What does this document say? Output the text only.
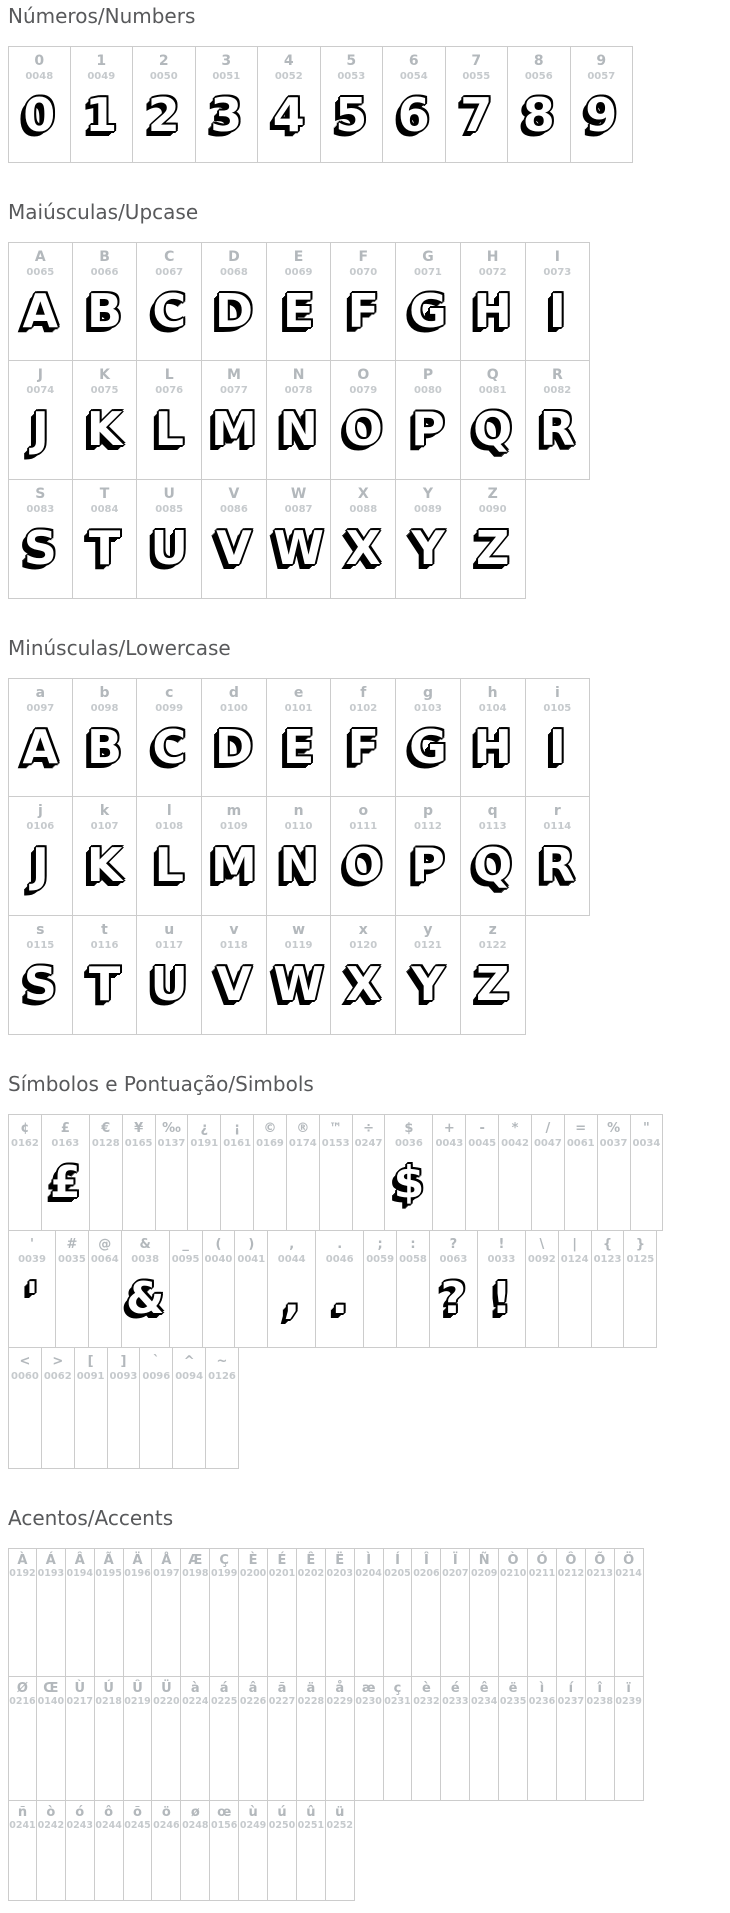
Números/Numbers
0
0048
0
1
0049
1
2
0050
2
3
0051
3
4
0052
4
5
0053
5
6
0054
6
7
0055
7
8
0056
8
9
0057
9
Maiúsculas/Upcase
A
0065
A
B
0066
B
C
0067
C
D
0068
D
E
0069
E
F
0070
F
G
0071
G
H
0072
H
I
0073
I
J
0074
J
K
0075
K
L
0076
L
M
0077
M
N
0078
N
O
0079
O
P
0080
P
Q
0081
Q
R
0082
R
S
0083
S
T
0084
T
U
0085
U
V
0086
V
W
0087
W
X
0088
X
Y
0089
Y
Z
0090
Z
Minúsculas/Lowercase
a
0097
A
b
0098
B
c
0099
C
d
0100
D
e
0101
E
f
0102
F
g
0103
G
h
0104
H
i
0105
I
j
0106
J
k
0107
K
l
0108
L
m
0109
M
n
0110
N
o
0111
O
p
0112
P
q
0113
Q
r
0114
R
s
0115
S
t
0116
T
u
0117
U
v
0118
V
w
0119
W
x
0120
X
y
0121
Y
z
0122
Z
Símbolos e Pontuação/Simbols
¢
0162
£
0163
£
€
0128
¥
0165
‰
0137
¿
0191
¡
0161
©
0169
®
0174
™
0153
÷
0247
$
0036
$
+
0043
-
0045
*
0042
/
0047
=
0061
%
0037
"
0034
'
0039
'
#
0035
@
0064
&
0038
&
_
0095
(
0040
)
0041
,
0044
,
.
0046
.
;
0059
:
0058
?
0063
?
!
0033
!
\
0092
|
0124
{
0123
}
0125
<
0060
>
0062
[
0091
]
0093
`
0096
^
0094
~
0126
Acentos/Accents
À
0192
Á
0193
Â
0194
Ã
0195
Ä
0196
Å
0197
Æ
0198
Ç
0199
È
0200
É
0201
Ê
0202
Ë
0203
Ì
0204
Í
0205
Î
0206
Ï
0207
Ñ
0209
Ò
0210
Ó
0211
Ô
0212
Õ
0213
Ö
0214
Ø
0216
Œ
0140
Ù
0217
Ú
0218
Û
0219
Ü
0220
à
0224
á
0225
â
0226
ã
0227
ä
0228
å
0229
æ
0230
ç
0231
è
0232
é
0233
ê
0234
ë
0235
ì
0236
í
0237
î
0238
ï
0239
ñ
0241
ò
0242
ó
0243
ô
0244
õ
0245
ö
0246
ø
0248
œ
0156
ù
0249
ú
0250
û
0251
ü
0252
